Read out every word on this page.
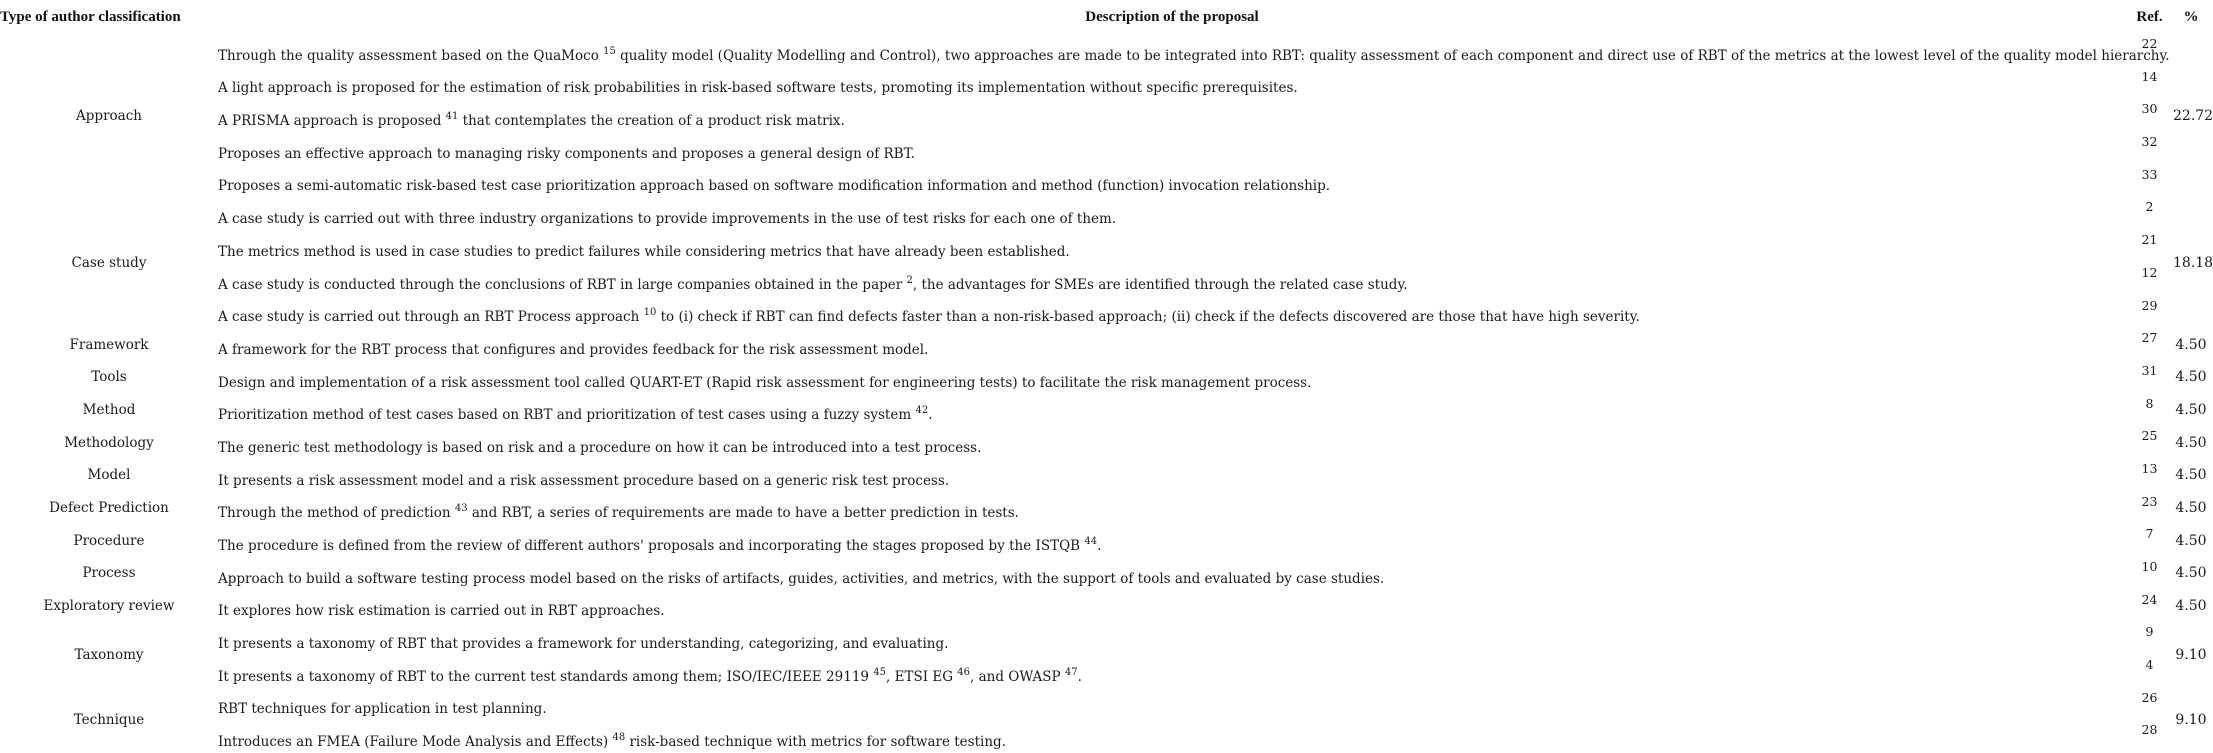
Type of author classification	Description of the proposal	Ref.	%
Approach	Through the quality assessment based on the QuaMoco $^{15}$ quality model (Quality Modelling and Control), two approaches are made to be integrated into RBT: quality assessment of each component and direct use of RBT of the metrics at the lowest level of the quality model hierarchy.	22	22.72
	A light approach is proposed for the estimation of risk probabilities in risk-based software tests, promoting its implementation without specific prerequisites.	14	
	A PRISMA approach is proposed $^{41}$ that contemplates the creation of a product risk matrix.	30	
	Proposes an effective approach to managing risky components and proposes a general design of RBT.	32	
	Proposes a semi-automatic risk-based test case prioritization approach based on software modification information and method (function) invocation relationship.	33	
Case study	A case study is carried out with three industry organizations to provide improvements in the use of test risks for each one of them.	2	18.18
	The metrics method is used in case studies to predict failures while considering metrics that have already been established.	21	
	A case study is conducted through the conclusions of RBT in large companies obtained in the paper $^2$, the advantages for SMEs are identified through the related case study.	12	
	A case study is carried out through an RBT Process approach $^{10}$ to (i) check if RBT can find defects faster than a non-risk-based approach; (ii) check if the defects discovered are those that have high severity.	29	
Framework	A framework for the RBT process that configures and provides feedback for the risk assessment model.	27	4.50
Tools	Design and implementation of a risk assessment tool called QUART-ET (Rapid risk assessment for engineering tests) to facilitate the risk management process.	31	4.50
Method	Prioritization method of test cases based on RBT and prioritization of test cases using a fuzzy system $^{42}$.	8	4.50
Methodology	The generic test methodology is based on risk and a procedure on how it can be introduced into a test process.	25	4.50
Model	It presents a risk assessment model and a risk assessment procedure based on a generic risk test process.	13	4.50
Defect Prediction	Through the method of prediction $^{43}$ and RBT, a series of requirements are made to have a better prediction in tests.	23	4.50
Procedure	The procedure is defined from the review of different authors' proposals and incorporating the stages proposed by the ISTQB $^{44}$.	7	4.50
Process	Approach to build a software testing process model based on the risks of artifacts, guides, activities, and metrics, with the support of tools and evaluated by case studies.	10	4.50
Exploratory review	It explores how risk estimation is carried out in RBT approaches.	24	4.50
Taxonomy	It presents a taxonomy of RBT that provides a framework for understanding, categorizing, and evaluating.	9	9.10
	It presents a taxonomy of RBT to the current test standards among them; ISO/IEC/IEEE 29119 $^{45}$, ETSI EG $^{46}$, and OWASP $^{47}$.	4	
Technique	RBT techniques for application in test planning.	26	9.10
	Introduces an FMEA (Failure Mode Analysis and Effects) $^{48}$ risk-based technique with metrics for software testing.	28	
